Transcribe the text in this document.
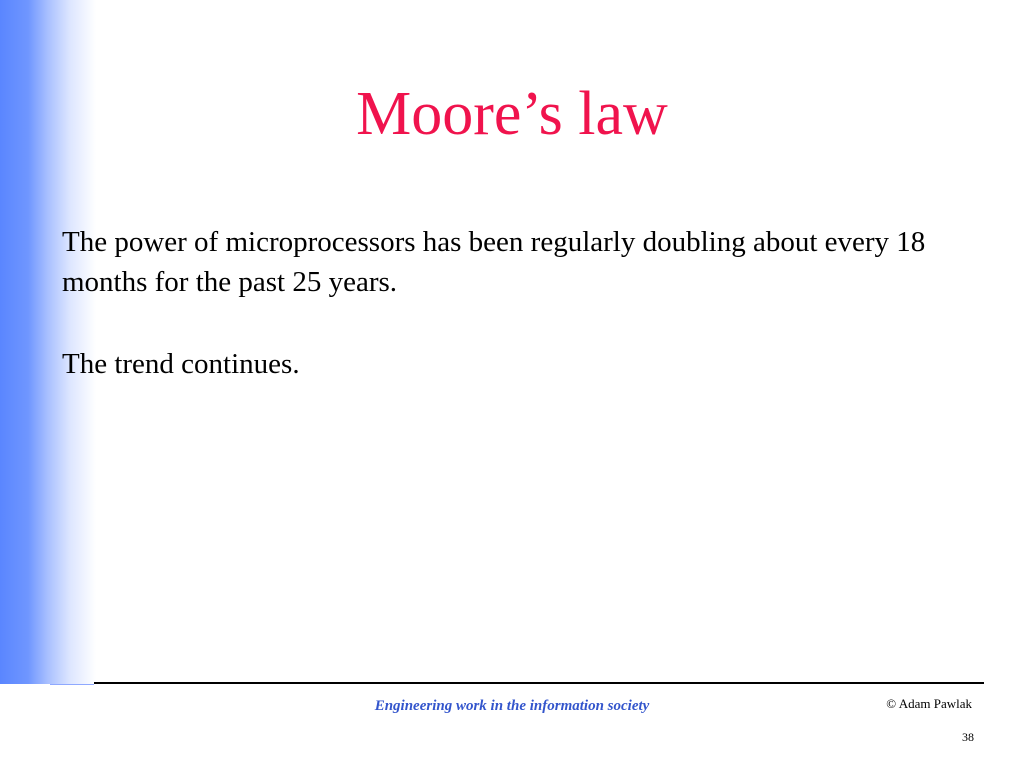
Moore’s law

The power of microprocessors has been regularly doubling about every 18 months for the past 25 years.

The trend continues.

Engineering work in the information society	© Adam Pawlak
38
